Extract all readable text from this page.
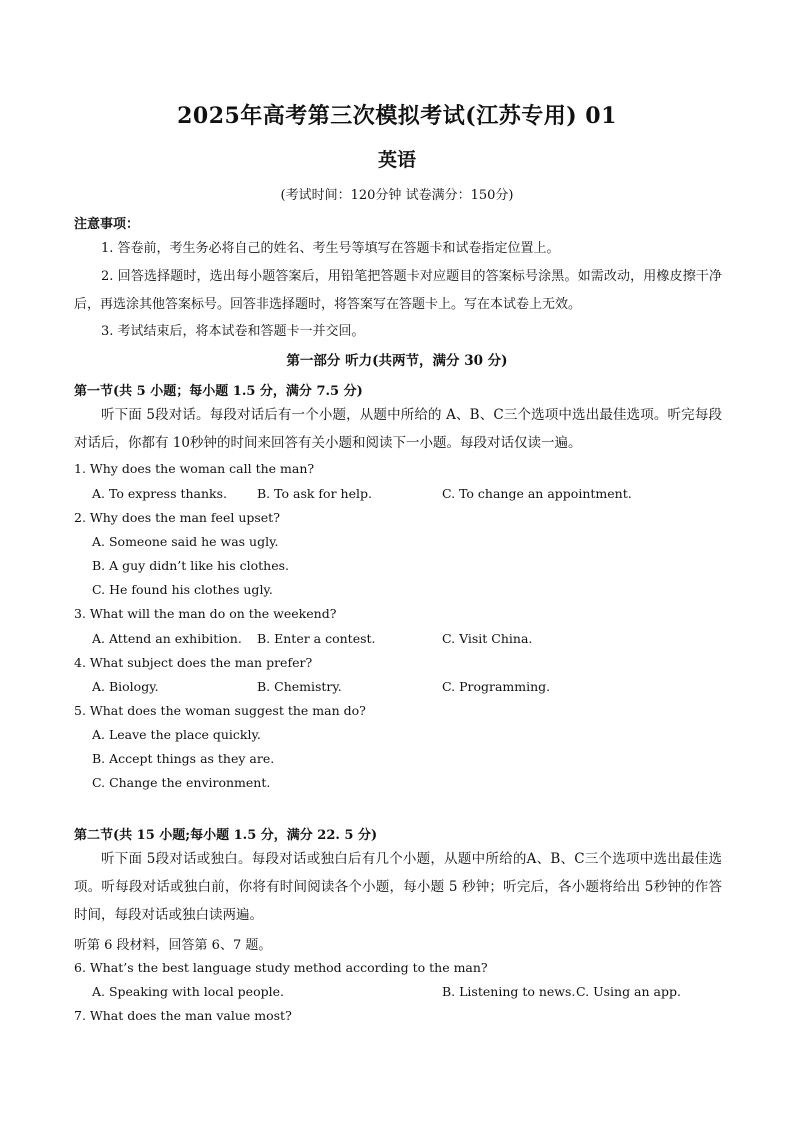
2025年高考第三次模拟考试(江苏专用) 01
英语
(考试时间：120分钟 试卷满分：150分)
注意事项：
1. 答卷前，考生务必将自己的姓名、考生号等填写在答题卡和试卷指定位置上。
2. 回答选择题时，选出每小题答案后，用铅笔把答题卡对应题目的答案标号涂黑。如需改动，用橡皮擦干净后，再选涂其他答案标号。回答非选择题时，将答案写在答题卡上。写在本试卷上无效。
3. 考试结束后，将本试卷和答题卡一并交回。
第一部分 听力(共两节，满分 30 分)
第一节(共 5 小题；每小题 1.5 分，满分 7.5 分)
听下面 5段对话。每段对话后有一个小题，从题中所给的 A、B、C三个选项中选出最佳选项。听完每段对话后，你都有 10秒钟的时间来回答有关小题和阅读下一小题。每段对话仅读一遍。
1. Why does the woman call the man?
A. To express thanks. B. To ask for help.	C. To change an appointment.
2. Why does the man feel upset?
A. Someone said he was ugly.
B. A guy didn’t like his clothes.
C. He found his clothes ugly.
3. What will the man do on the weekend?
A. Attend an exhibition. B. Enter a contest.	C. Visit China.
4. What subject does the man prefer?
A. Biology.	B. Chemistry.	C. Programming.
5. What does the woman suggest the man do?
A. Leave the place quickly.
B. Accept things as they are.
C. Change the environment.
第二节(共 15 小题;每小题 1.5 分，满分 22. 5 分)
听下面 5段对话或独白。每段对话或独白后有几个小题，从题中所给的A、B、C三个选项中选出最佳选项。听每段对话或独白前，你将有时间阅读各个小题，每小题 5 秒钟；听完后，各小题将给出 5秒钟的作答时间，每段对话或独白读两遍。
听第 6 段材料，回答第 6、7 题。
6. What’s the best language study method according to the man?
A. Speaking with local people.	B. Listening to news. C. Using an app.
7. What does the man value most?
